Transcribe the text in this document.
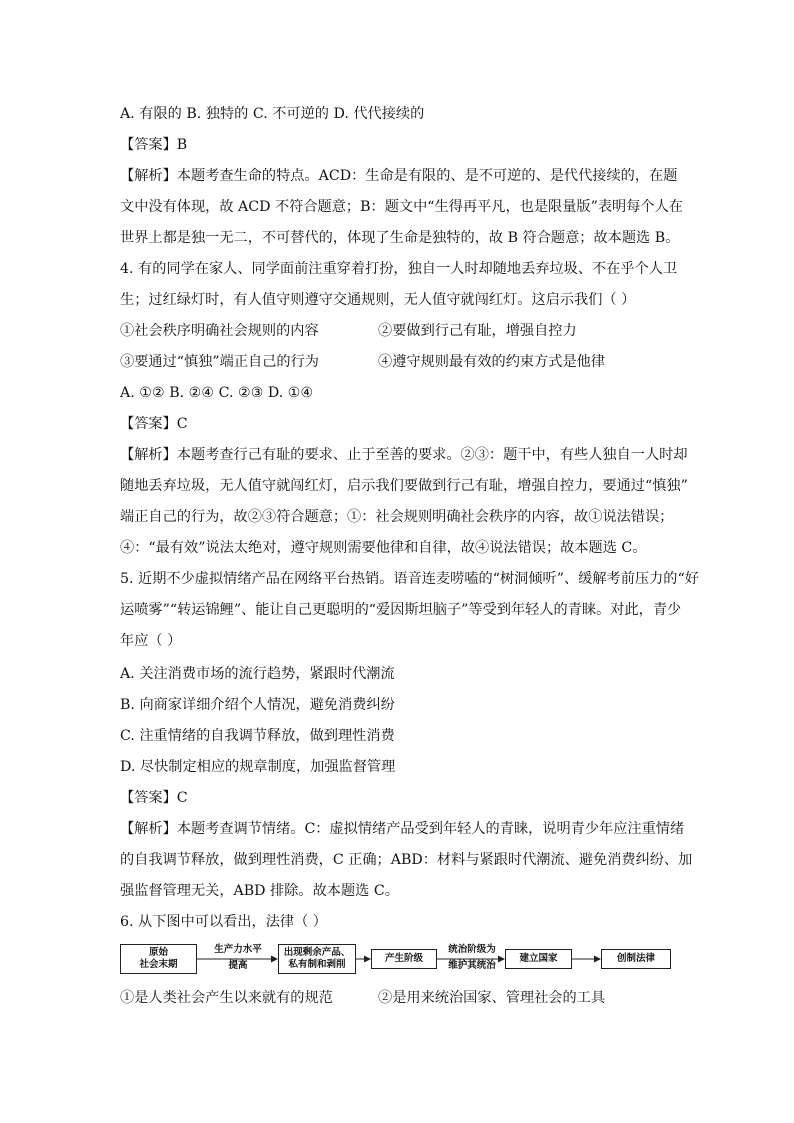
A. 有限的 B. 独特的 C. 不可逆的 D. 代代接续的
【答案】B
【解析】本题考查生命的特点。ACD：生命是有限的、是不可逆的、是代代接续的，在题
文中没有体现，故 ACD 不符合题意；B：题文中“生得再平凡，也是限量版”表明每个人在
世界上都是独一无二，不可替代的，体现了生命是独特的，故 B 符合题意；故本题选 B。
4. 有的同学在家人、同学面前注重穿着打扮，独自一人时却随地丢弃垃圾、不在乎个人卫
生；过红绿灯时，有人值守则遵守交通规则，无人值守就闯红灯。这启示我们（ ）
①社会秩序明确社会规则的内容	②要做到行己有耻，增强自控力
③要通过“慎独”端正自己的行为	④遵守规则最有效的约束方式是他律
A. ①② B. ②④ C. ②③ D. ①④
【答案】C
【解析】本题考查行己有耻的要求、止于至善的要求。②③：题干中，有些人独自一人时却
随地丢弃垃圾，无人值守就闯红灯，启示我们要做到行己有耻，增强自控力，要通过“慎独”
端正自己的行为，故②③符合题意；①：社会规则明确社会秩序的内容，故①说法错误；
④：“最有效”说法太绝对，遵守规则需要他律和自律，故④说法错误；故本题选 C。
5. 近期不少虚拟情绪产品在网络平台热销。语音连麦唠嗑的“树洞倾听”、缓解考前压力的“好
运喷雾”“转运锦鲤”、能让自己更聪明的“爱因斯坦脑子”等受到年轻人的青睐。对此，青少
年应（ ）
A. 关注消费市场的流行趋势，紧跟时代潮流
B. 向商家详细介绍个人情况，避免消费纠纷
C. 注重情绪的自我调节释放，做到理性消费
D. 尽快制定相应的规章制度，加强监督管理
【答案】C
【解析】本题考查调节情绪。C：虚拟情绪产品受到年轻人的青睐，说明青少年应注重情绪
的自我调节释放，做到理性消费，C 正确；ABD：材料与紧跟时代潮流、避免消费纠纷、加
强监督管理无关，ABD 排除。故本题选 C。
6. 从下图中可以看出，法律（ ）
原始
社会末期
生产力水平
提高
出现剩余产品、
私有制和剥削
产生阶级
统治阶级为
维护其统治
建立国家	创制法律
①是人类社会产生以来就有的规范	②是用来统治国家、管理社会的工具
